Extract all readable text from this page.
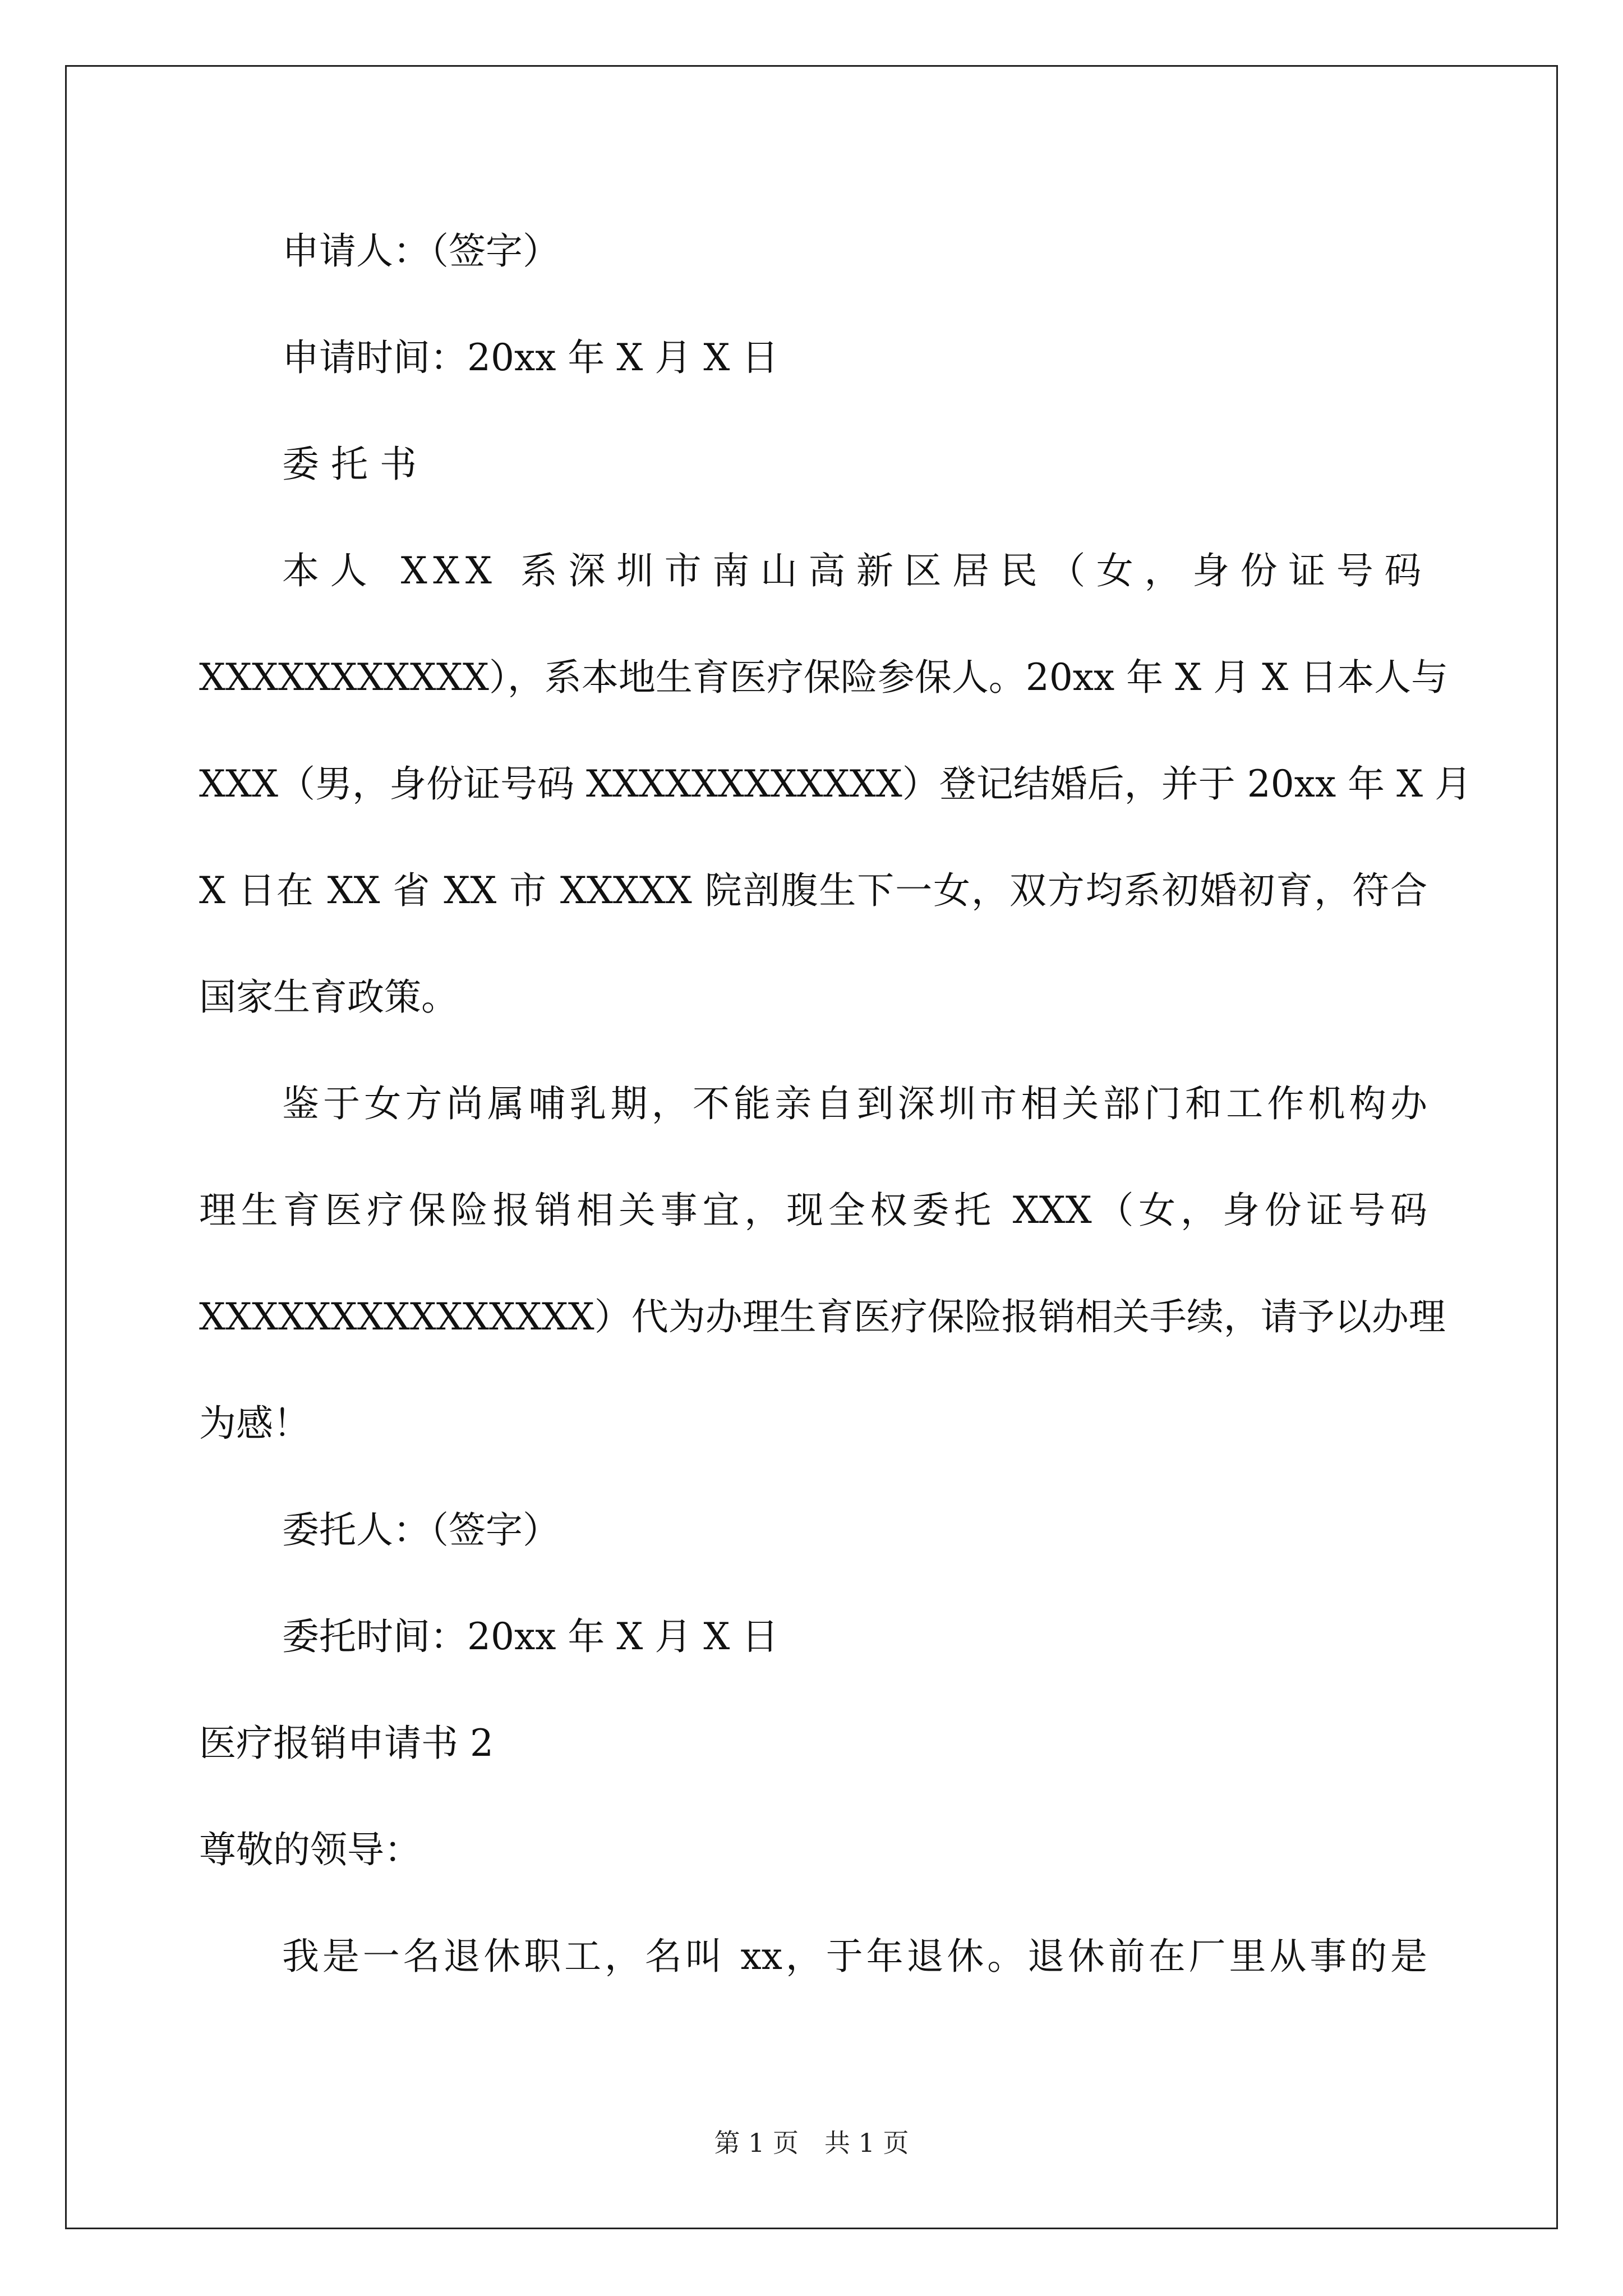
申请人：（签字）
申请时间：20xx 年 X 月 X 日
委 托 书
本人 XXX 系深圳市南山高新区居民（女，身份证号码
XXXXXXXXXXX），系本地生育医疗保险参保人。20xx 年 X 月 X 日本人与
XXX（男，身份证号码 XXXXXXXXXXXX）登记结婚后，并于 20xx 年 X 月
X 日在 XX 省 XX 市 XXXXX 院剖腹生下一女，双方均系初婚初育，符合
国家生育政策。
鉴于女方尚属哺乳期，不能亲自到深圳市相关部门和工作机构办
理生育医疗保险报销相关事宜，现全权委托 XXX（女，身份证号码
XXXXXXXXXXXXXXX）代为办理生育医疗保险报销相关手续，请予以办理
为感！
委托人：（签字）
委托时间：20xx 年 X 月 X 日
医疗报销申请书 2
尊敬的领导：
我是一名退休职工，名叫 xx，于年退休。退休前在厂里从事的是
第 1 页　共 1 页
